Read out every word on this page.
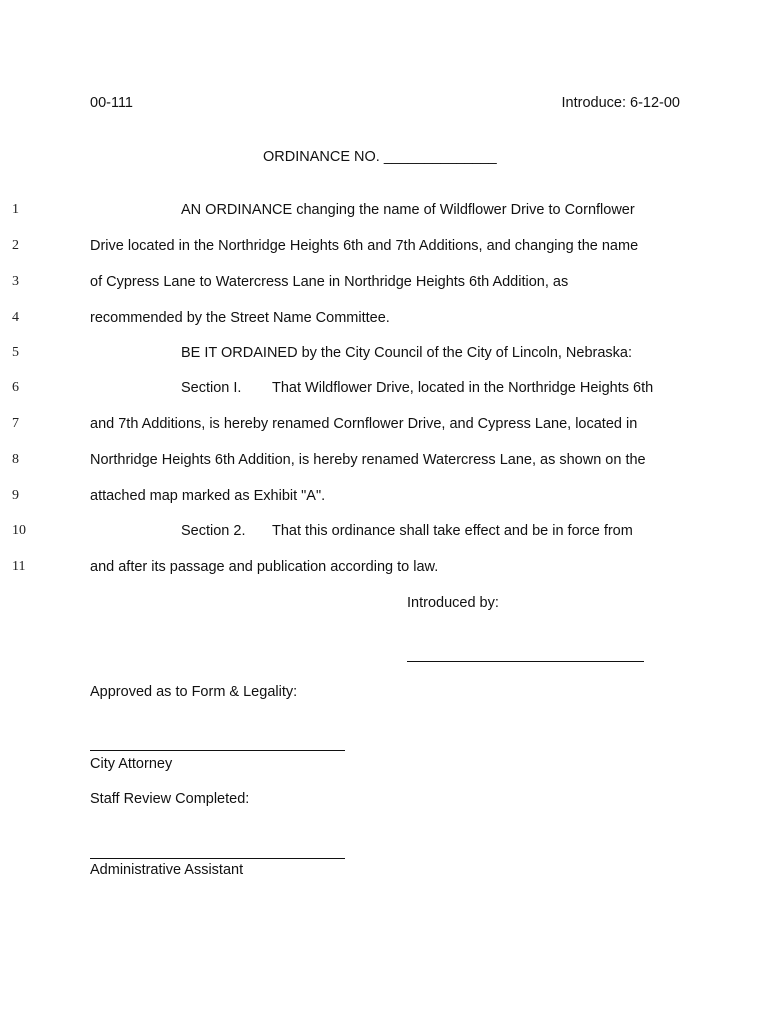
00-111	Introduce: 6-12-00
ORDINANCE NO. ______________
1
2
3
4
5
6
7
8
9
10
11
AN ORDINANCE changing the name of Wildflower Drive to Cornflower
Drive located in the Northridge Heights 6th and 7th Additions, and changing the name
of Cypress Lane to Watercress Lane in Northridge Heights 6th Addition, as
recommended by the Street Name Committee.
BE IT ORDAINED by the City Council of the City of Lincoln, Nebraska:
Section I. That Wildflower Drive, located in the Northridge Heights 6th
and 7th Additions, is hereby renamed Cornflower Drive, and Cypress Lane, located in
Northridge Heights 6th Addition, is hereby renamed Watercress Lane, as shown on the
attached map marked as Exhibit "A".
Section 2. That this ordinance shall take effect and be in force from
and after its passage and publication according to law.
Introduced by:
Approved as to Form & Legality:
City Attorney
Staff Review Completed:
Administrative Assistant
